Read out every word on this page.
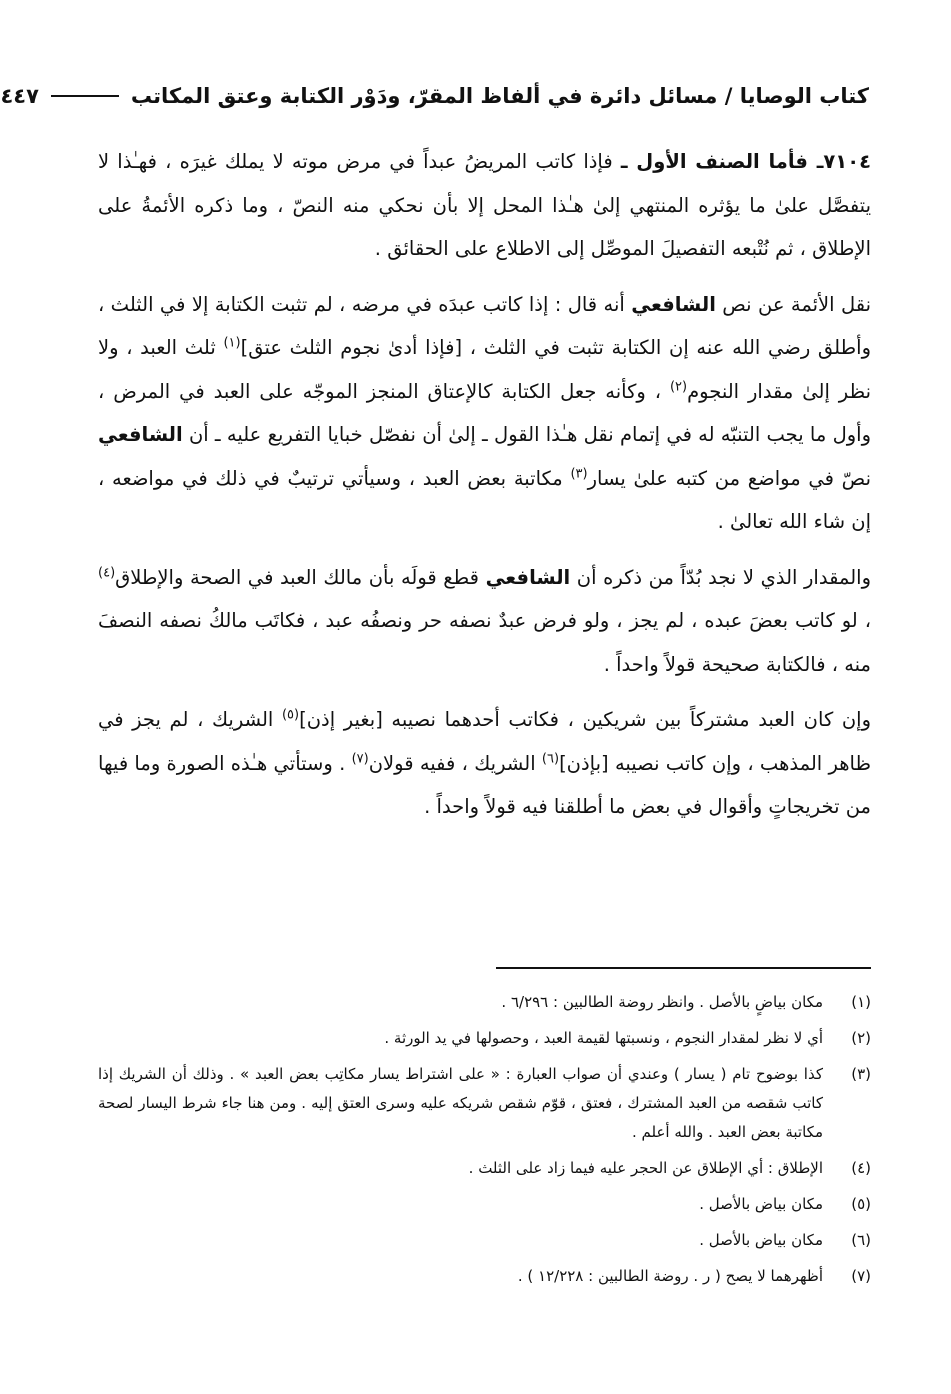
كتاب الوصايا / مسائل دائرة في ألفاظ المقرّ، ودَوْر الكتابة وعتق المكاتب
٤٤٧

٧١٠٤ـ فأما الصنف الأول ـ فإذا كاتب المريضُ عبداً في مرض موته لا يملك غيرَه ، فهـٰذا لا يتفصَّل علىٰ ما يؤثره المنتهي إلىٰ هـٰذا المحل إلا بأن نحكي منه النصّ ، وما ذكره الأئمةُ على الإطلاق ، ثم نُتْبعه التفصيلَ الموصِّل إلى الاطلاع على الحقائق .

نقل الأئمة عن نص الشافعي أنه قال : إذا كاتب عبدَه في مرضه ، لم تثبت الكتابة إلا في الثلث ، وأطلق رضي الله عنه إن الكتابة تثبت في الثلث ، [فإذا أدىٰ نجوم الثلث عتق]$^{(١)}$ ثلث العبد ، ولا نظر إلىٰ مقدار النجوم$^{(٢)}$ ، وكأنه جعل الكتابة كالإعتاق المنجز الموجّه على العبد في المرض ، وأول ما يجب التنبّه له في إتمام نقل هـٰذا القول ـ إلىٰ أن نفصّل خبايا التفريع عليه ـ أن الشافعي نصّ في مواضع من كتبه علىٰ يسار$^{(٣)}$ مكاتبة بعض العبد ، وسيأتي ترتيبٌ في ذلك في مواضعه ، إن شاء الله تعالىٰ .

والمقدار الذي لا نجد بُدّاً من ذكره أن الشافعي قطع قولَه بأن مالك العبد في الصحة والإطلاق$^{(٤)}$ ، لو كاتب بعضَ عبده ، لم يجز ، ولو فرض عبدٌ نصفه حر ونصفُه عبد ، فكاتَب مالكُ نصفه النصفَ منه ، فالكتابة صحيحة قولاً واحداً .

وإن كان العبد مشتركاً بين شريكين ، فكاتب أحدهما نصيبه [بغير إذن]$^{(٥)}$ الشريك ، لم يجز في ظاهر المذهب ، وإن كاتب نصيبه [بإذن]$^{(٦)}$ الشريك ، ففيه قولان$^{(٧)}$ . وستأتي هـٰذه الصورة وما فيها من تخريجاتٍ وأقوال في بعض ما أطلقنا فيه قولاً واحداً .

(١)
مكان بياضٍ بالأصل . وانظر روضة الطالبين : ٦/٢٩٦ .
(٢)
أي لا نظر لمقدار النجوم ، ونسبتها لقيمة العبد ، وحصولها في يد الورثة .
(٣)
كذا بوضوح تام ( يسار ) وعندي أن صواب العبارة : « على اشتراط يسار مكاتِب بعض العبد » . وذلك أن الشريك إذا كاتب شقصه من العبد المشترك ، فعتق ، قوّم شقص شريكه عليه وسرى العتق إليه . ومن هنا جاء شرط اليسار لصحة مكاتبة بعض العبد . والله أعلم .
(٤)
الإطلاق : أي الإطلاق عن الحجر عليه فيما زاد على الثلث .
(٥)
مكان بياض بالأصل .
(٦)
مكان بياض بالأصل .
(٧)
أظهرهما لا يصح ( ر . روضة الطالبين : ١٢/٢٢٨ ) .
